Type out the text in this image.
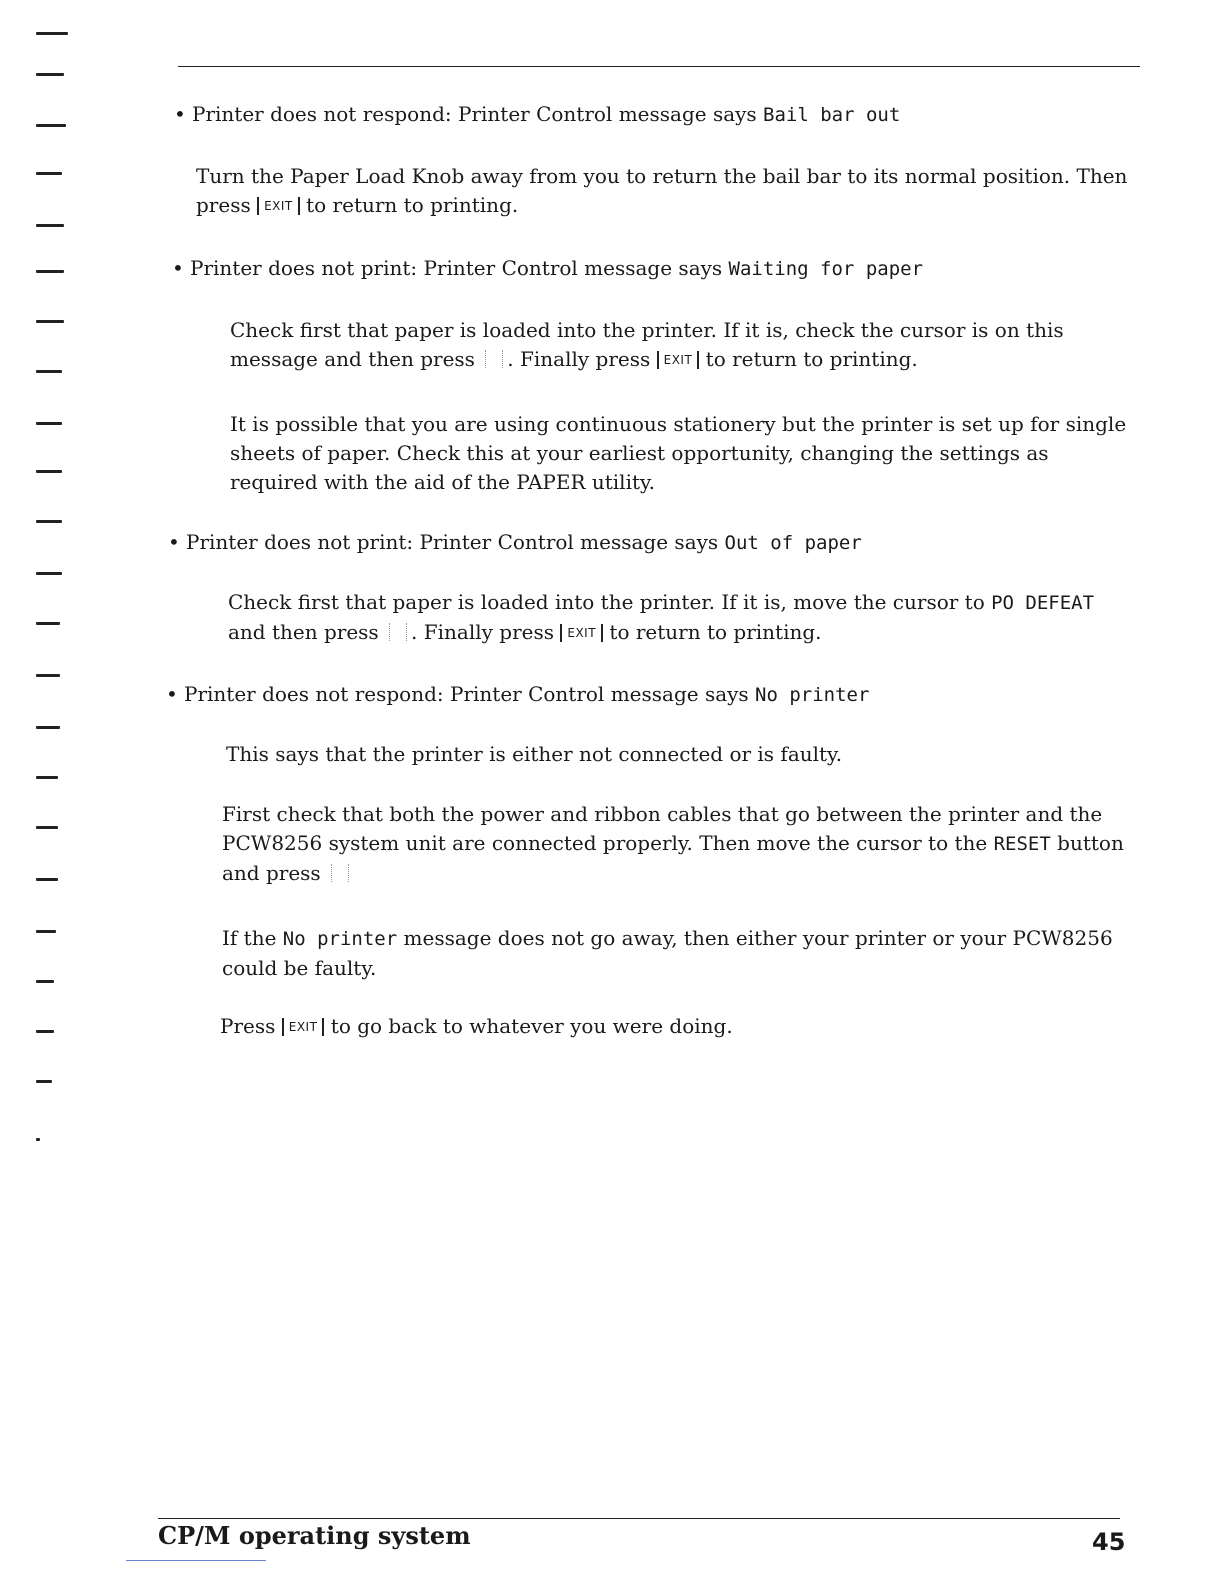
• Printer does not respond: Printer Control message says Bail bar out
Turn the Paper Load Knob away from you to return the bail bar to its normal position. Then press EXIT to return to printing.
• Printer does not print: Printer Control message says Waiting for paper
Check first that paper is loaded into the printer. If it is, check the cursor is on this message and then press . Finally press EXIT to return to printing.
It is possible that you are using continuous stationery but the printer is set up for single sheets of paper. Check this at your earliest opportunity, changing the settings as required with the aid of the PAPER utility.
• Printer does not print: Printer Control message says Out of paper
Check first that paper is loaded into the printer. If it is, move the cursor to PO DEFEAT and then press . Finally press EXIT to return to printing.
• Printer does not respond: Printer Control message says No printer
This says that the printer is either not connected or is faulty.
First check that both the power and ribbon cables that go between the printer and the PCW8256 system unit are connected properly. Then move the cursor to the RESET button and press
If the No printer message does not go away, then either your printer or your PCW8256 could be faulty.
Press EXIT to go back to whatever you were doing.
CP/M operating system	45
